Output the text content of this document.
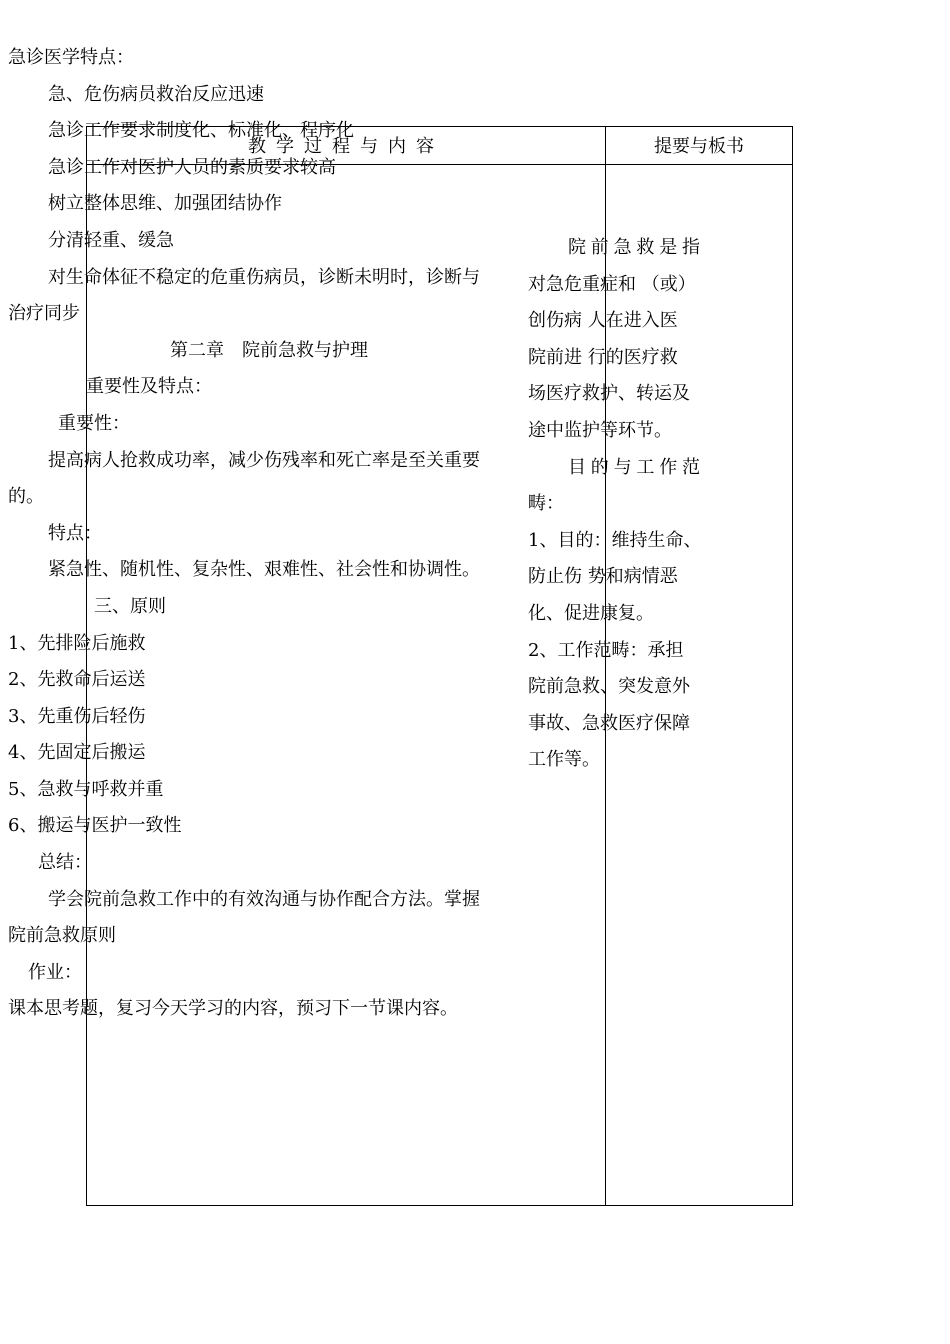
教学过程与内容	提要与板书
急诊医学特点：
急、危伤病员救治反应迅速
急诊工作要求制度化、标准化、程序化
急诊工作对医护人员的素质要求较高
树立整体思维、加强团结协作
分清轻重、缓急
对生命体征不稳定的危重伤病员，诊断未明时，诊断与
治疗同步
第二章　院前急救与护理
重要性及特点：
重要性：
提高病人抢救成功率，减少伤残率和死亡率是至关重要
的。
特点：
紧急性、随机性、复杂性、艰难性、社会性和协调性。
三、原则
1、先排险后施救
2、先救命后运送
3、先重伤后轻伤
4、先固定后搬运
5、急救与呼救并重
6、搬运与医护一致性
总结：
学会院前急救工作中的有效沟通与协作配合方法。掌握
院前急救原则
作业：
课本思考题，复习今天学习的内容，预习下一节课内容。
院前急救是指
对急危重症和 （或）
创伤病 人在进入医
院前进 行的医疗救
场医疗救护、转运及
途中监护等环节。
目的与工作范
畴：
1、目的：维持生命、
防止伤 势和病情恶
化、促进康复。
2、工作范畴：承担
院前急救、突发意外
事故、急救医疗保障
工作等。
